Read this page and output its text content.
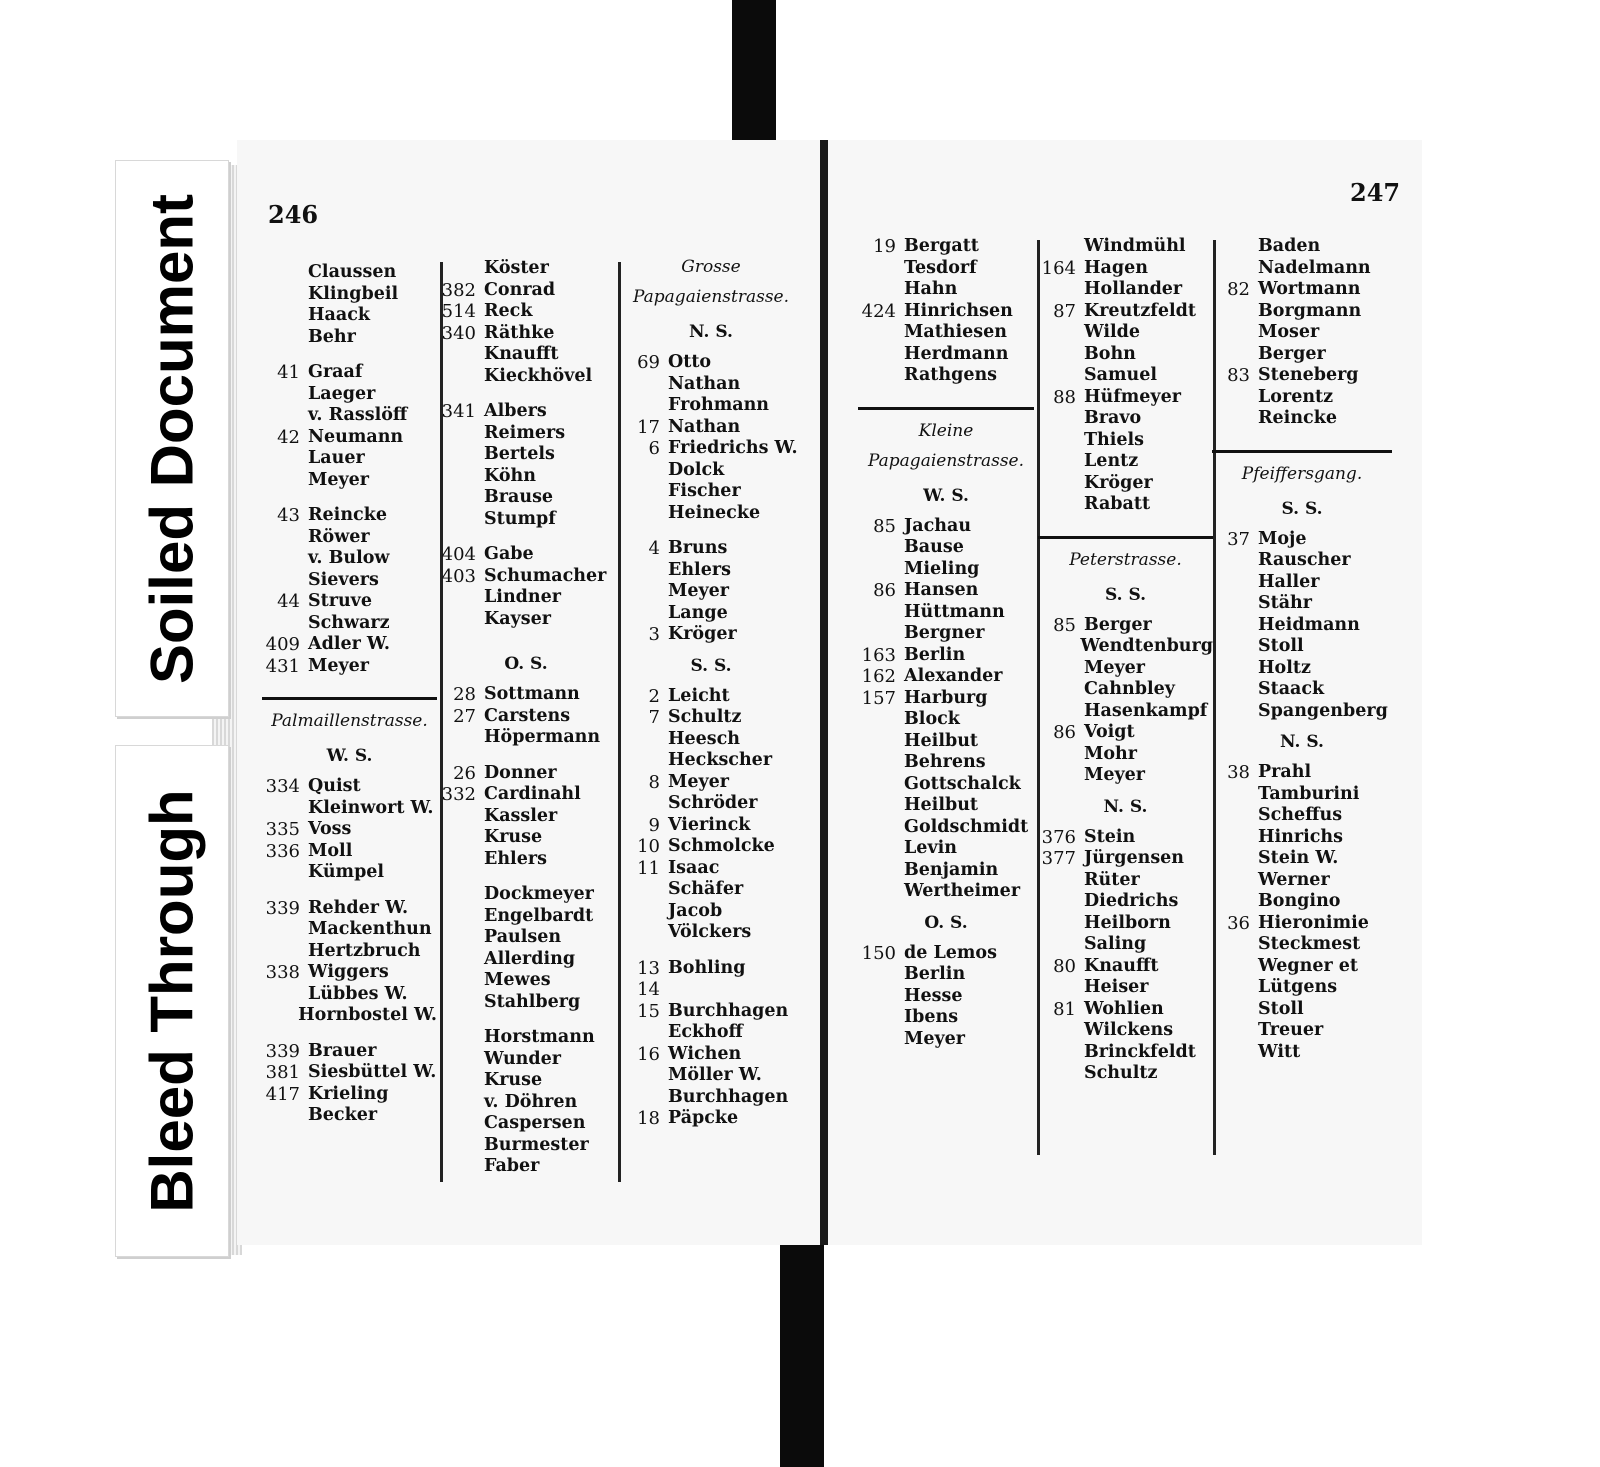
Soiled Document
Bleed Through
246
247
Claussen
Klingbeil
Haack
Behr
41 Graaf
Laeger
v. Rasslöff
42 Neumann
Lauer
Meyer
43 Reincke
Röwer
v. Bulow
Sievers
44 Struve
Schwarz
409 Adler W.
431 Meyer
Palmaillenstrasse.
W. S.
334 Quist
Kleinwort W.
335 Voss
336 Moll
Kümpel
339 Rehder W.
Mackenthun
Hertzbruch
338 Wiggers
Lübbes W.
Hornbostel W.
339 Brauer
381 Siesbüttel W.
417 Krieling
Becker
Köster
382 Conrad
514 Reck
340 Räthke
Knaufft
Kieckhövel
341 Albers
Reimers
Bertels
Köhn
Brause
Stumpf
404 Gabe
403 Schumacher
Lindner
Kayser
O. S.
28 Sottmann
27 Carstens
Höpermann
26 Donner
332 Cardinahl
Kassler
Kruse
Ehlers
Dockmeyer
Engelbardt
Paulsen
Allerding
Mewes
Stahlberg
Horstmann
Wunder
Kruse
v. Döhren
Caspersen
Burmester
Faber
Grosse
Papagaienstrasse.
N. S.
69 Otto
Nathan
Frohmann
17 Nathan
6 Friedrichs W.
Dolck
Fischer
Heinecke
4 Bruns
Ehlers
Meyer
Lange
3 Kröger
S. S.
2 Leicht
7 Schultz
Heesch
Heckscher
8 Meyer
Schröder
9 Vierinck
10 Schmolcke
11 Isaac
Schäfer
Jacob
Völckers
13 Bohling
14
15 Burchhagen
Eckhoff
16 Wichen
Möller W.
Burchhagen
18 Päpcke
19 Bergatt
Tesdorf
Hahn
424 Hinrichsen
Mathiesen
Herdmann
Rathgens
Kleine
Papagaienstrasse.
W. S.
85 Jachau
Bause
Mieling
86 Hansen
Hüttmann
Bergner
163 Berlin
162 Alexander
157 Harburg
Block
Heilbut
Behrens
Gottschalck
Heilbut
Goldschmidt
Levin
Benjamin
Wertheimer
O. S.
150 de Lemos
Berlin
Hesse
Ibens
Meyer
Windmühl
164 Hagen
Hollander
87 Kreutzfeldt
Wilde
Bohn
Samuel
88 Hüfmeyer
Bravo
Thiels
Lentz
Kröger
Rabatt
Peterstrasse.
S. S.
85 Berger
Wendtenburg
Meyer
Cahnbley
Hasenkampf
86 Voigt
Mohr
Meyer
N. S.
376 Stein
377 Jürgensen
Rüter
Diedrichs
Heilborn
Saling
80 Knaufft
Heiser
81 Wohlien
Wilckens
Brinckfeldt
Schultz
Baden
Nadelmann
82 Wortmann
Borgmann
Moser
Berger
83 Steneberg
Lorentz
Reincke
Pfeiffersgang.
S. S.
37 Moje
Rauscher
Haller
Stähr
Heidmann
Stoll
Holtz
Staack
Spangenberg
N. S.
38 Prahl
Tamburini
Scheffus
Hinrichs
Stein W.
Werner
Bongino
36 Hieronimie
Steckmest
Wegner et
Lütgens
Stoll
Treuer
Witt
